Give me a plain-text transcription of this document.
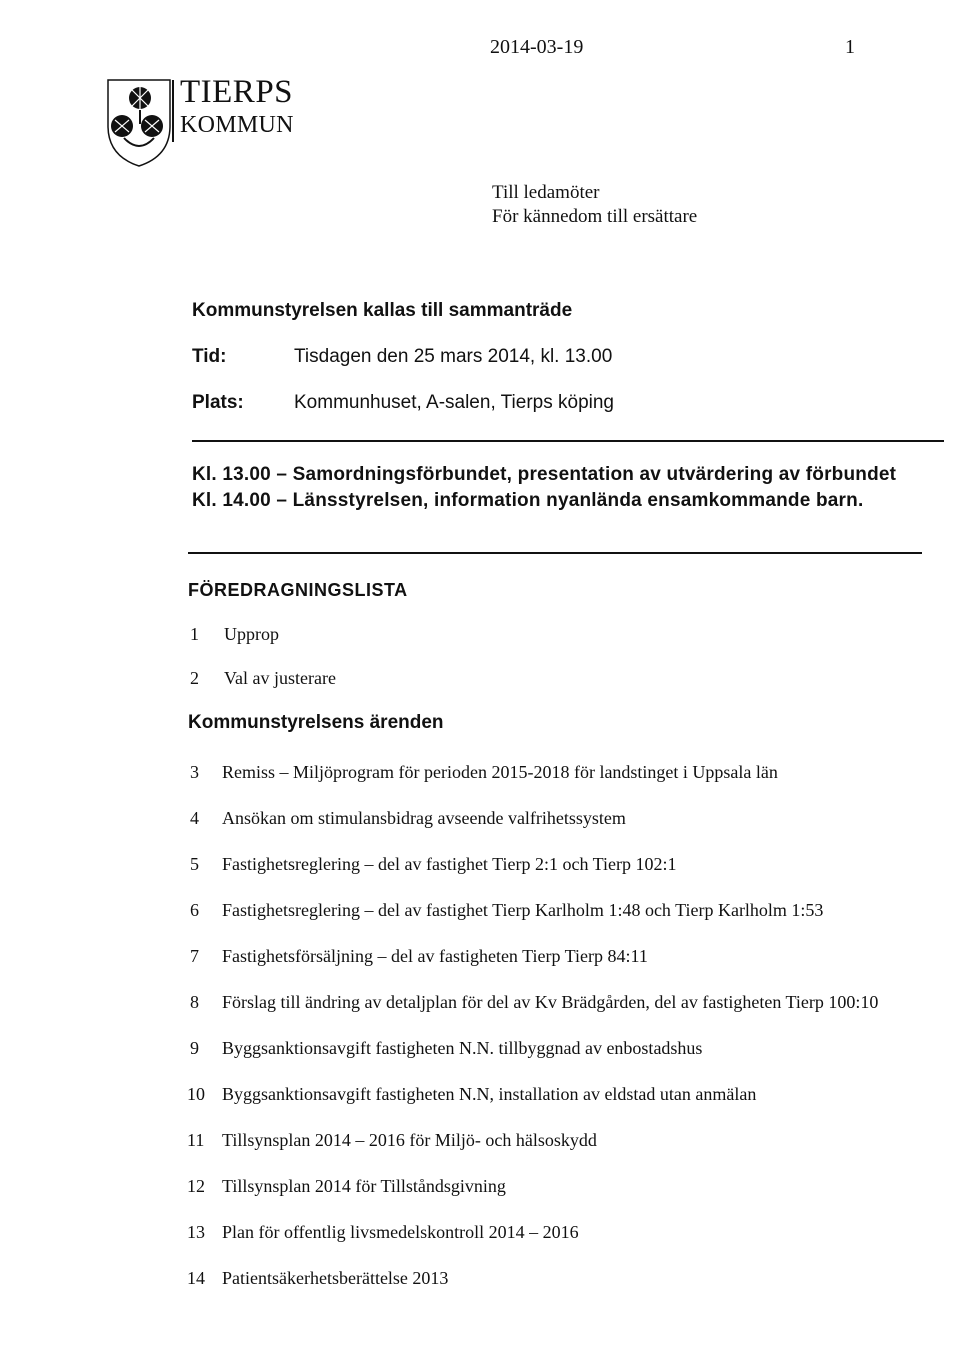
2014-03-19	1
TIERPS
KOMMUN
Till ledamöter
För kännedom till ersättare
Kommunstyrelsen kallas till sammanträde
Tid:	Tisdagen den 25 mars 2014, kl. 13.00
Plats:	Kommunhuset, A-salen, Tierps köping
Kl. 13.00 – Samordningsförbundet, presentation av utvärdering av förbundet
Kl. 14.00 – Länsstyrelsen, information nyanlända ensamkommande barn.
FÖREDRAGNINGSLISTA
1 Upprop
2 Val av justerare
Kommunstyrelsens ärenden
3 Remiss – Miljöprogram för perioden 2015-2018 för landstinget i Uppsala län
4 Ansökan om stimulansbidrag avseende valfrihetssystem
5 Fastighetsreglering – del av fastighet Tierp 2:1 och Tierp 102:1
6 Fastighetsreglering – del av fastighet Tierp Karlholm 1:48 och Tierp Karlholm 1:53
7 Fastighetsförsäljning – del av fastigheten Tierp Tierp 84:11
8 Förslag till ändring av detaljplan för del av Kv Brädgården, del av fastigheten Tierp 100:10
9 Byggsanktionsavgift fastigheten N.N. tillbyggnad av enbostadshus
10 Byggsanktionsavgift fastigheten N.N, installation av eldstad utan anmälan
11 Tillsynsplan 2014 – 2016 för Miljö- och hälsoskydd
12 Tillsynsplan 2014 för Tillståndsgivning
13 Plan för offentlig livsmedelskontroll 2014 – 2016
14 Patientsäkerhetsberättelse 2013
